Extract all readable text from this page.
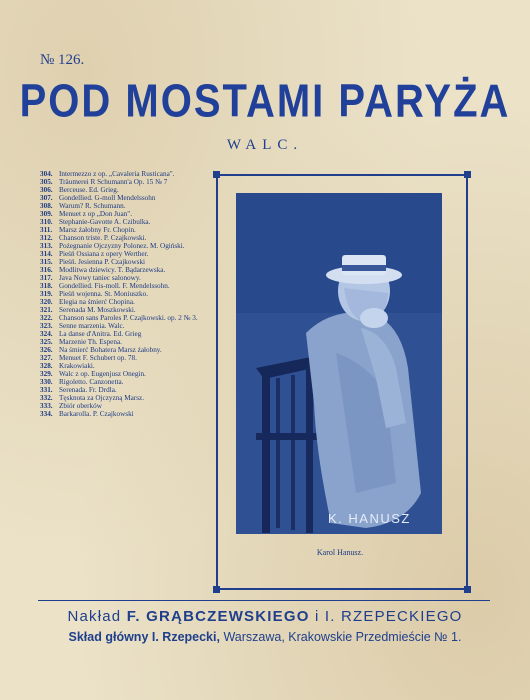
№ 126.
POD MOSTAMI PARYŻA
WALC.
304. Intermezzo z op. „Cavaleria Rusticana".
305. Träumerei R Schumann'a Op. 15 № 7
306. Berceuse. Ed. Grieg.
307. Gondellied. G-moll Mendelssohn
308. Warum? R. Schumann.
309. Menuet z op „Don Juan".
310. Stephanie-Gavotte A. Czibulka.
311. Marsz żałobny Fr. Chopin.
312. Chanson triste. P. Czajkowski.
313. Pożegnanie Ojczyzny Polonez. M. Ogiński.
314. Pieśń Ossiana z opery Werther.
315. Pieśń. Jesienna P. Czajkowski
316. Modlitwa dziewicy. T. Bądarzewska.
317. Java Nowy taniec salonowy.
318. Gondellied. Fis-moll. F. Mendelssohn.
319. Pieśń wojenna. St. Moniuszko.
320. Elegia na śmierć Chopina.
321. Serenada M. Moszkowski.
322. Chanson sans Paroles P. Czajkowski. op. 2 № 3.
323. Senne marzenia. Walc.
324. La danse d'Anitra. Ed. Grieg
325. Marzenie Th. Espena.
326. Na śmierć Bohatera Marsz żałobny.
327. Menuet F. Schubert op. 78.
328. Krakowiaki.
329. Walc z op. Eugenjusz Onegin.
330. Rigoletto. Canzonetta.
331. Serenada. Fr. Drdla.
332. Tęsknota za Ojczyzną Marsz.
333. Zbiór oberków
334. Barkarolla. P. Czajkowski
K. HANUSZ
Karol Hanusz.
Nakład F. GRĄBCZEWSKIEGO i I. RZEPECKIEGO
Skład główny I. Rzepecki, Warszawa, Krakowskie Przedmieście № 1.
